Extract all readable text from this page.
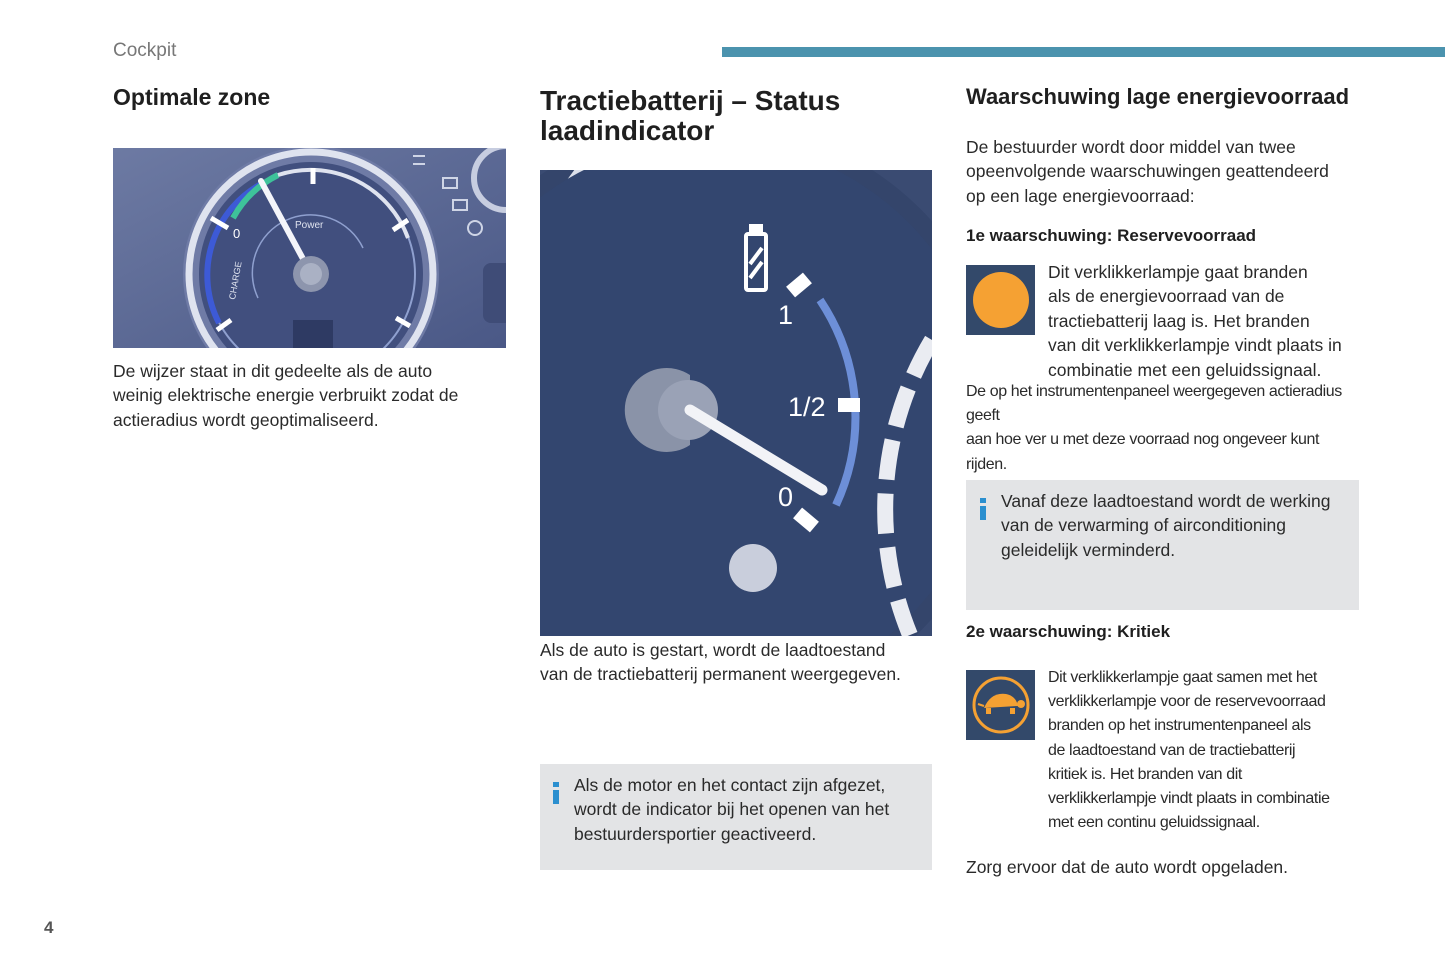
Cockpit
Optimale zone
0
Power
CHARGE
De wijzer staat in dit gedeelte als de auto
weinig elektrische energie verbruikt zodat de
actieradius wordt geoptimaliseerd.
Tractiebatterij – Status
laadindicator
1
1/2
0
Als de auto is gestart, wordt de laadtoestand
van de tractiebatterij permanent weergegeven.
Als de motor en het contact zijn afgezet,
wordt de indicator bij het openen van het
bestuurdersportier geactiveerd.
Waarschuwing lage energievoorraad
De bestuurder wordt door middel van twee
opeenvolgende waarschuwingen geattendeerd
op een lage energievoorraad:
1e waarschuwing: Reservevoorraad
Dit verklikkerlampje gaat branden
als de energievoorraad van de
tractiebatterij laag is. Het branden
van dit verklikkerlampje vindt plaats in
combinatie met een geluidssignaal.
De op het instrumentenpaneel weergegeven actieradius geeft
aan hoe ver u met deze voorraad nog ongeveer kunt rijden.
Vanaf deze laadtoestand wordt de werking
van de verwarming of airconditioning
geleidelijk verminderd.
2e waarschuwing: Kritiek
Dit verklikkerlampje gaat samen met het
verklikkerlampje voor de reservevoorraad
branden op het instrumentenpaneel als
de laadtoestand van de tractiebatterij
kritiek is. Het branden van dit
verklikkerlampje vindt plaats in combinatie
met een continu geluidssignaal.
Zorg ervoor dat de auto wordt opgeladen.
4
